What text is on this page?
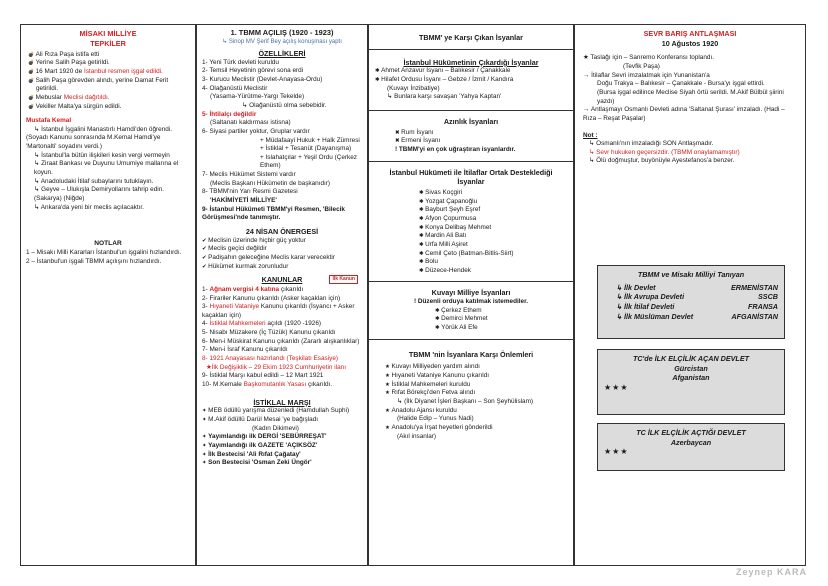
MİSAKI MİLLİYE
TEPKİLER
💣 Ali Rıza Paşa istifa etti
💣 Yerine Salih Paşa getirildi.
💣 16 Mart 1920 de İstanbul resmen işgal edildi.
💣 Salih Paşa görevden alındı, yerine Damat Ferit getirildi.
💣 Mebuslar Meclisi dağıtıldı.
💣 Vekiller Malta'ya sürgün edildi.
Mustafa Kemal
↳ İstanbul İşgalini Manastırlı Hamdi'den öğrendi.
(Soyadı Kanunu sonrasında M.Kemal Hamdi'ye 'Martonalti' soyadını verdi.)
↳ İstanbul'la bütün ilişkileri kesin vergi vermeyin
↳ Ziraat Bankası ve Duyunu Umumiye mallarına el koyun.
↳ Anadoludaki İtilaf subaylarını tutuklayın.
↳ Geyve – Ulukışla Demiryollarını tahrip edin. (Sakarya) (Niğde)
↳ Ankara'da yeni bir meclis açılacaktır.
NOTLAR
1 – Misakı Milli Kararları İstanbul'un işgalini hızlandırdı.
2 – İstanbul'un işgali TBMM açılışını hızlandırdı.
1. TBMM AÇILIŞ (1920 - 1923)
↳ Sinop MV Şerif Bey açılış konuşması yaptı
ÖZELLİKLERİ
1- Yeni Türk devleti kuruldu
2- Temsil Heyetinin görevi sona erdi
3- Kurucu Meclistir (Devlet-Anayasa-Ordu)
4- Olağanüstü Meclistir
(Yasama-Yürütme-Yargı Tekelde)
↳ Olağanüstü olma sebebidir.
5- İhtilalçı değildir
(Saltanatı kaldırması istisna)
6- Siyasi partiler yoktur, Gruplar vardır
+ Müdafaayi Hukuk + Halk Zümresi
+ İstiklal + Tesanüt (Dayanışma)
+ Islahatçılar + Yeşil Ordu (Çerkez Ethem)
7- Meclis Hükümet Sistemi vardır
(Meclis Başkanı Hükümetin de başkanıdır)
8- TBMM'nin Yarı Resmi Gazetesi
'HAKİMİYETİ MİLLİYE'
9- İstanbul Hükümeti TBMM'yi Resmen, 'Bilecik Görüşmesi'nde tanımıştır.
24 NİSAN ÖNERGESİ
✔ Meclisin üzerinde hiçbir güç yoktur
✔ Meclis geçici değildir
✔ Padişahın geleceğine Meclis karar verecektir
✔ Hükümet kurmak zorunludur
KANUNLAR	İlk Kanun
1- Ağnam vergisi 4 katına çıkarıldı
2- Firariler Kanunu çıkarıldı (Asker kaçakları için)
3- Hıyaneti Vataniye Kanunu çıkarıldı (İsyancı + Asker kaçakları için)
4- İstiklal Mahkemeleri açıldı (1920 -1926)
5- Nisabı Müzakere (İç Tüzük) Kanunu çıkarıldı
6- Men-i Müskirat Kanunu çıkarıldı (Zararlı alışkanlıklar)
7- Men-i İsraf Kanunu çıkarıldı
8- 1921 Anayasası hazırlandı (Teşkilatı Esasiye)
★İlk Değişiklik – 29 Ekim 1923 Cumhuriyetin ilanı
9- İstiklal Marşı kabul edildi – 12 Mart 1921
10- M.Kemale Başkomutanlık Yasası çıkarıldı.
İSTİKLAL MARŞI
✦ MEB ödüllü yarışma düzenledi (Hamdullah Suphi)
✦ M.Akif ödüllü Darül Mesai 'ye bağışladı
(Kadın Dikimevi)
✦ Yayımlandığı ilk DERGİ 'SEBÜRREŞAT'
✦ Yayımlandığı ilk GAZETE 'AÇIKSÖZ'
✦ İlk Bestecisi 'Ali Rıfat Çağatay'
✦ Son Bestecisi 'Osman Zeki Üngör'
TBMM' ye Karşı Çıkan İsyanlar
İstanbul Hükümetinin Çıkardığı İsyanlar
✱ Ahmet Anzavur İsyanı – Balıkesir / Çanakkale
✱ Hilafet Ordusu İsyanı – Gebze / İzmit / Kandıra
(Kuvayı İnzibatiye)
↳ Bunlara karşı savaşan 'Yahya Kaptan'
Azınlık İsyanları
✖ Rum İsyanı
✖ Ermeni İsyanı
! TBMM'yi en çok uğraştıran isyanlardır.
İstanbul Hükümeti ile İtilaflar Ortak Desteklediği İsyanlar
✱ Sivas Koçgiri
✱ Yozgat Çapanoğlu
✱ Bayburt Şeyh Eşref
✱ Afyon Çopurmusa
✱ Konya Delibaş Mehmet
✱ Mardin Ali Batı
✱ Urfa Milli Aşiret
✱ Cemil Çeto (Batman-Bitlis-Siirt)
✱ Bolu
✱ Düzece-Hendek
Kuvayı Milliye İsyanları
! Düzenli orduya katılmak istemediler.
✱ Çerkez Ethem
✱ Demirci Mehmet
✱ Yörük Ali Efe
TBMM 'nin İsyanlara Karşı Önlemleri
★ Kuvayı Milliyeden yardım alındı
★ Hıyaneti Vataniye Kanunu çıkarıldı
★ İstiklal Mahkemeleri kuruldu
★ Rıfat Börekçi'den Fetva alındı
↳ (İlk Diyanet İşleri Başkanı – Son Şeyhülislam)
★ Anadolu Ajansı kuruldu
(Halide Edip – Yunus Nadi)
★ Anadolu'ya İrşat heyetleri gönderildi
(Akıl insanlar)
SEVR BARIŞ ANTLAŞMASI
10 Ağustos 1920
★ Taslağı için – Sanremo Konferansı toplandı.
(Tevfik Paşa)
→ İtilaflar Sevri imzalatmak için Yunanistan'a
Doğu Trakya – Balıkesir – Çanakkale - Bursa'yı işgal ettirdi.
(Bursa işgal edilince Meclise Siyah örtü serildi. M.Akif Bülbül şiirini yazdı)
→ Antlaşmayı Osmanlı Devleti adına 'Saltanat Şurası' imzaladı. (Hadi – Rıza – Reşat Paşalar)
Not :
↳ Osmanlı'nın imzaladığı SON Antlaşmadır.
↳ Sevr hukuken geçersizdir. (TBMM onaylamamıştır)
↳ Ölü doğmuştur, buyönüyle Ayestefanos'a benzer.
TBMM ve Misakı Milliyi Tanıyan
↳ İlk Devlet	ERMENİSTAN
↳ İlk Avrupa Devleti	SSCB
↳ İlk İtilaf Devleti	FRANSA
↳ İlk Müslüman Devlet	AFGANİSTAN
TC'de İLK ELÇİLİK AÇAN DEVLET
Gürcistan
Afganistan
★★★
TC İLK ELÇİLİK AÇTIĞI DEVLET
Azerbaycan
★★★
Zeynep KARA
